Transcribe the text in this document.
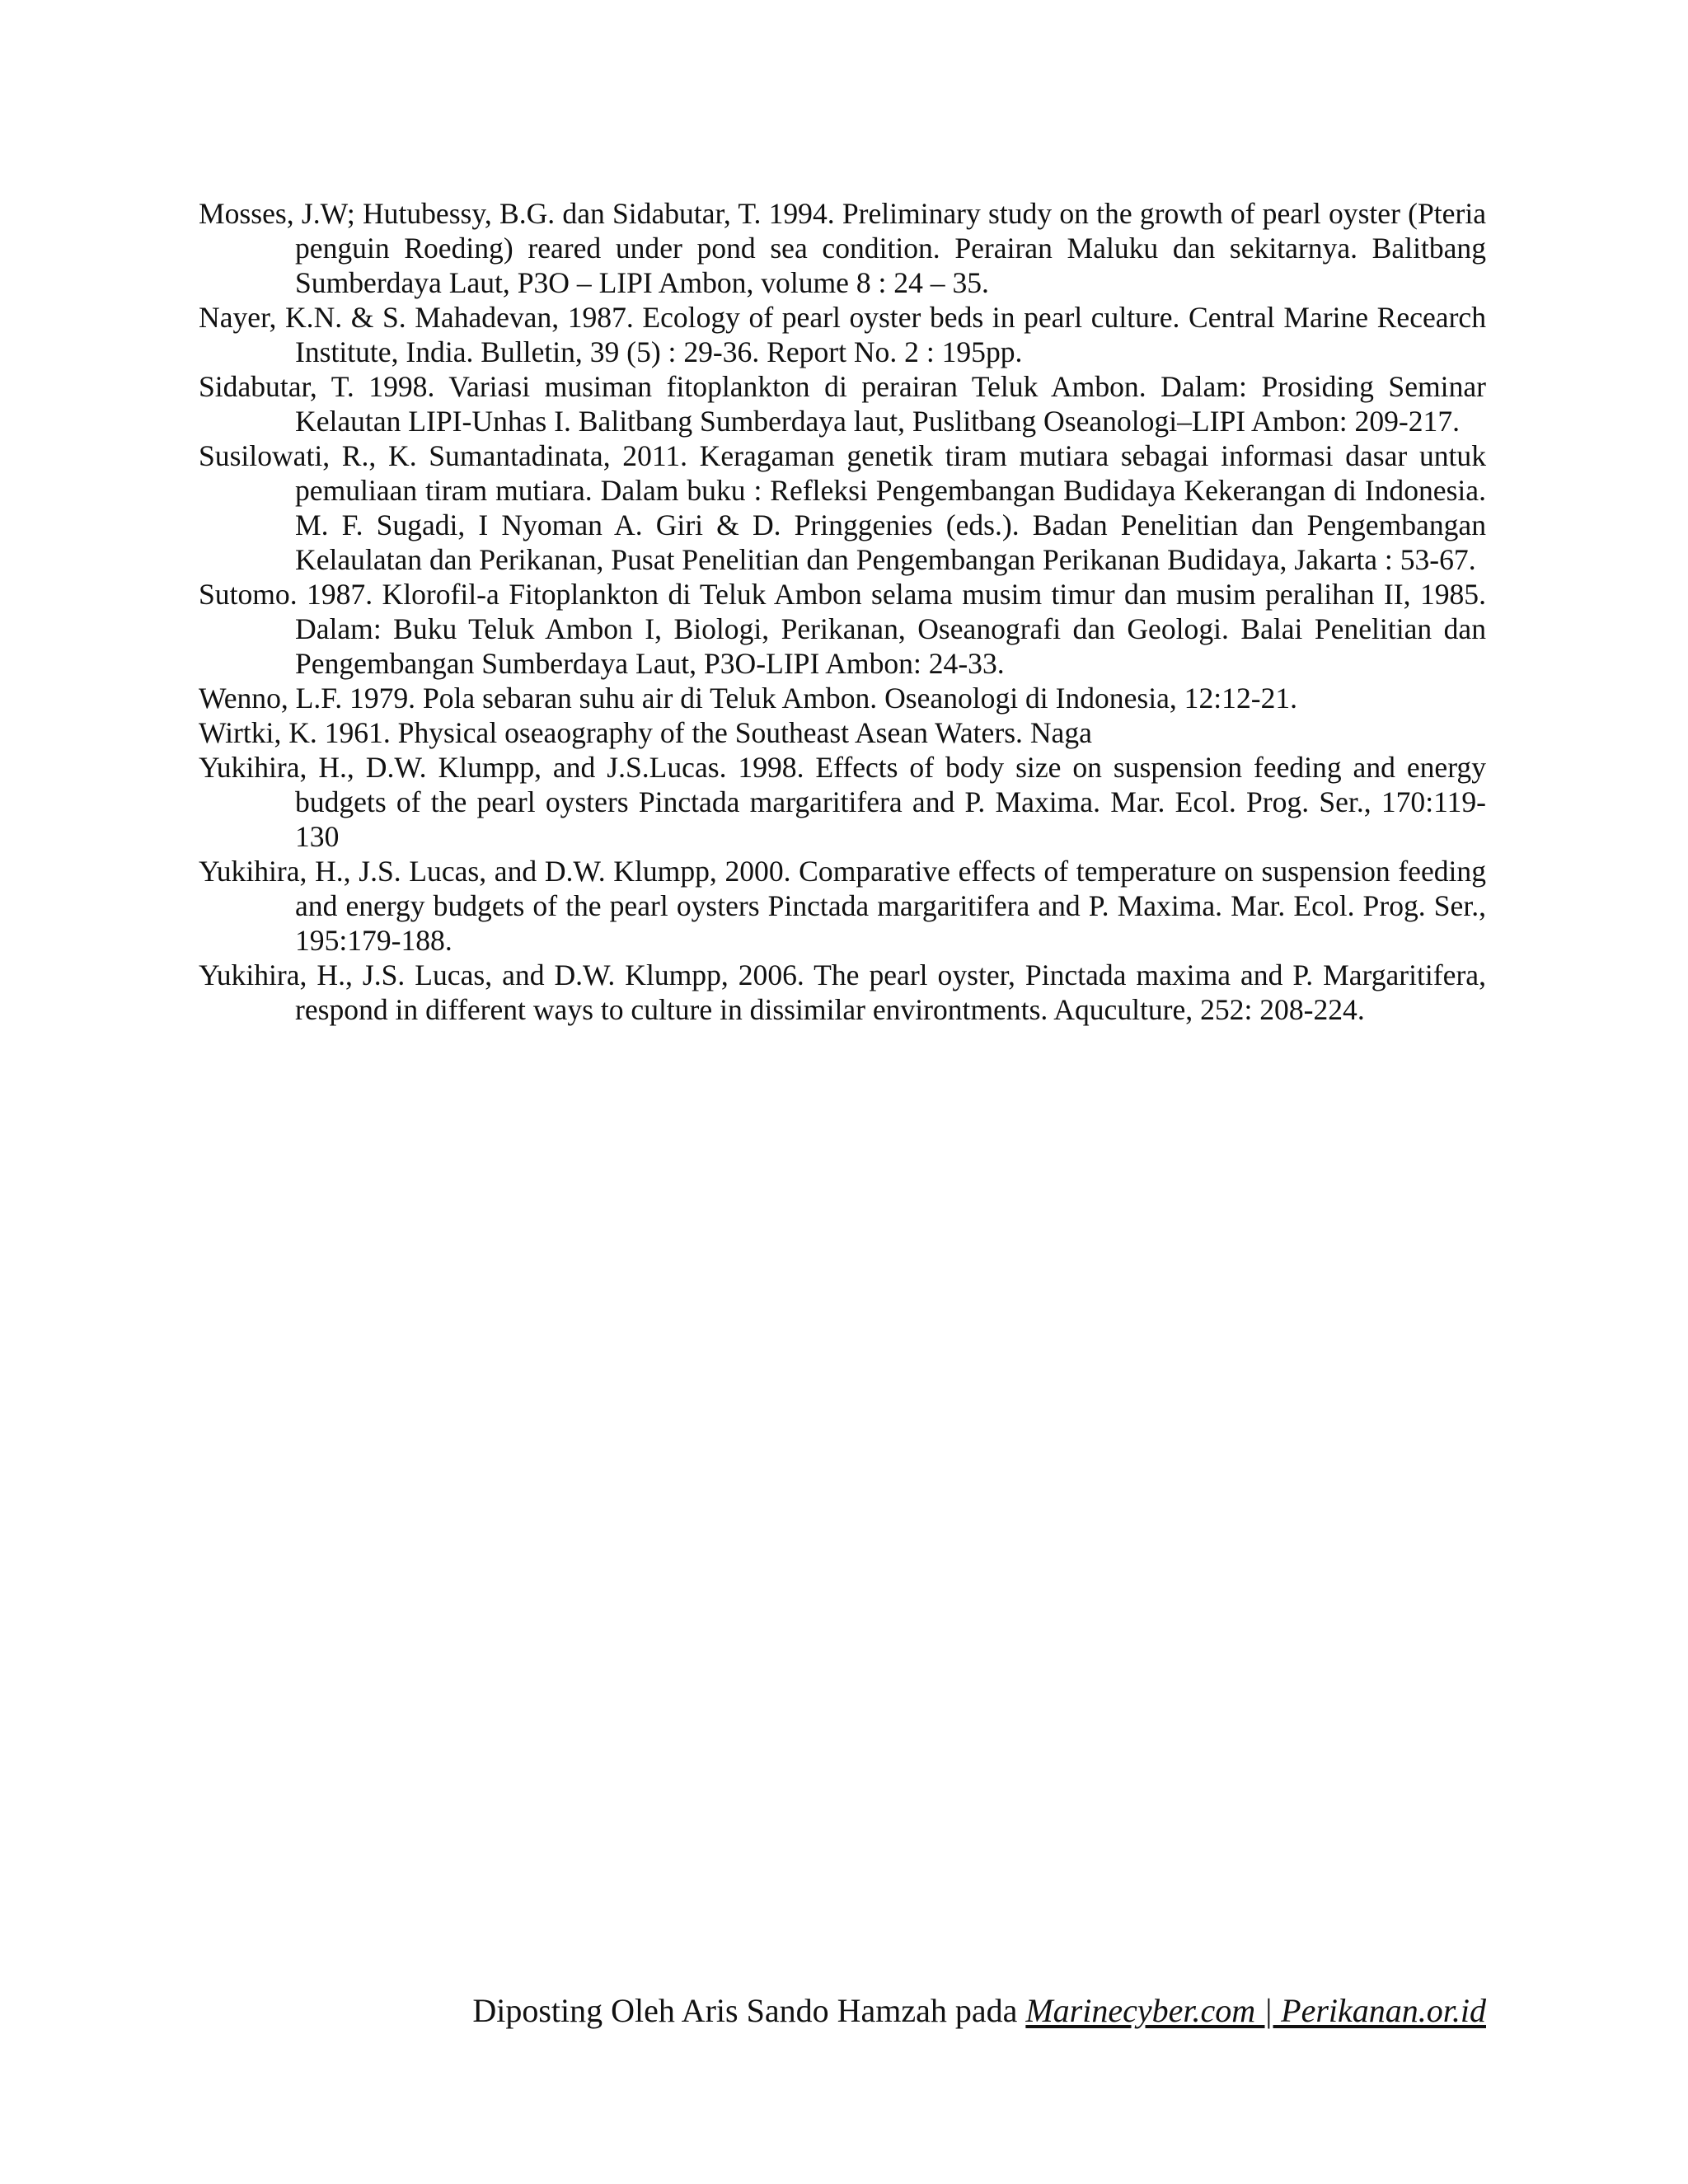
Mosses, J.W; Hutubessy, B.G. dan Sidabutar, T. 1994. Preliminary study on the growth of pearl oyster (Pteria penguin Roeding) reared under pond sea condition. Perairan Maluku dan sekitarnya. Balitbang Sumberdaya Laut, P3O – LIPI Ambon, volume 8 : 24 – 35.
Nayer, K.N. & S. Mahadevan, 1987. Ecology of pearl oyster beds in pearl culture. Central Marine Recearch Institute, India. Bulletin, 39 (5) : 29-36. Report No. 2 : 195pp.
Sidabutar, T. 1998. Variasi musiman fitoplankton di perairan Teluk Ambon. Dalam: Prosiding Seminar Kelautan LIPI-Unhas I. Balitbang Sumberdaya laut, Puslitbang Oseanologi–LIPI Ambon: 209-217.
Susilowati, R., K. Sumantadinata, 2011. Keragaman genetik tiram mutiara sebagai informasi dasar untuk pemuliaan tiram mutiara. Dalam buku : Refleksi Pengembangan Budidaya Kekerangan di Indonesia. M. F. Sugadi, I Nyoman A. Giri & D. Pringgenies (eds.). Badan Penelitian dan Pengembangan Kelaulatan dan Perikanan, Pusat Penelitian dan Pengembangan Perikanan Budidaya, Jakarta : 53-67.
Sutomo. 1987. Klorofil-a Fitoplankton di Teluk Ambon selama musim timur dan musim peralihan II, 1985. Dalam: Buku Teluk Ambon I, Biologi, Perikanan, Oseanografi dan Geologi. Balai Penelitian dan Pengembangan Sumberdaya Laut, P3O-LIPI Ambon: 24-33.
Wenno, L.F. 1979. Pola sebaran suhu air di Teluk Ambon. Oseanologi di Indonesia, 12:12-21.
Wirtki, K. 1961. Physical oseaography of the Southeast Asean Waters. Naga
Yukihira, H., D.W. Klumpp, and J.S.Lucas. 1998. Effects of body size on suspension feeding and energy budgets of the pearl oysters Pinctada margaritifera and P. Maxima. Mar. Ecol. Prog. Ser., 170:119-130
Yukihira, H., J.S. Lucas, and D.W. Klumpp, 2000. Comparative effects of temperature on suspension feeding and energy budgets of the pearl oysters Pinctada margaritifera and P. Maxima. Mar. Ecol. Prog. Ser., 195:179-188.
Yukihira, H., J.S. Lucas, and D.W. Klumpp, 2006. The pearl oyster, Pinctada maxima and P. Margaritifera, respond in different ways to culture in dissimilar environtments. Aquculture, 252: 208-224.
Diposting Oleh Aris Sando Hamzah pada Marinecyber.com | Perikanan.or.id
